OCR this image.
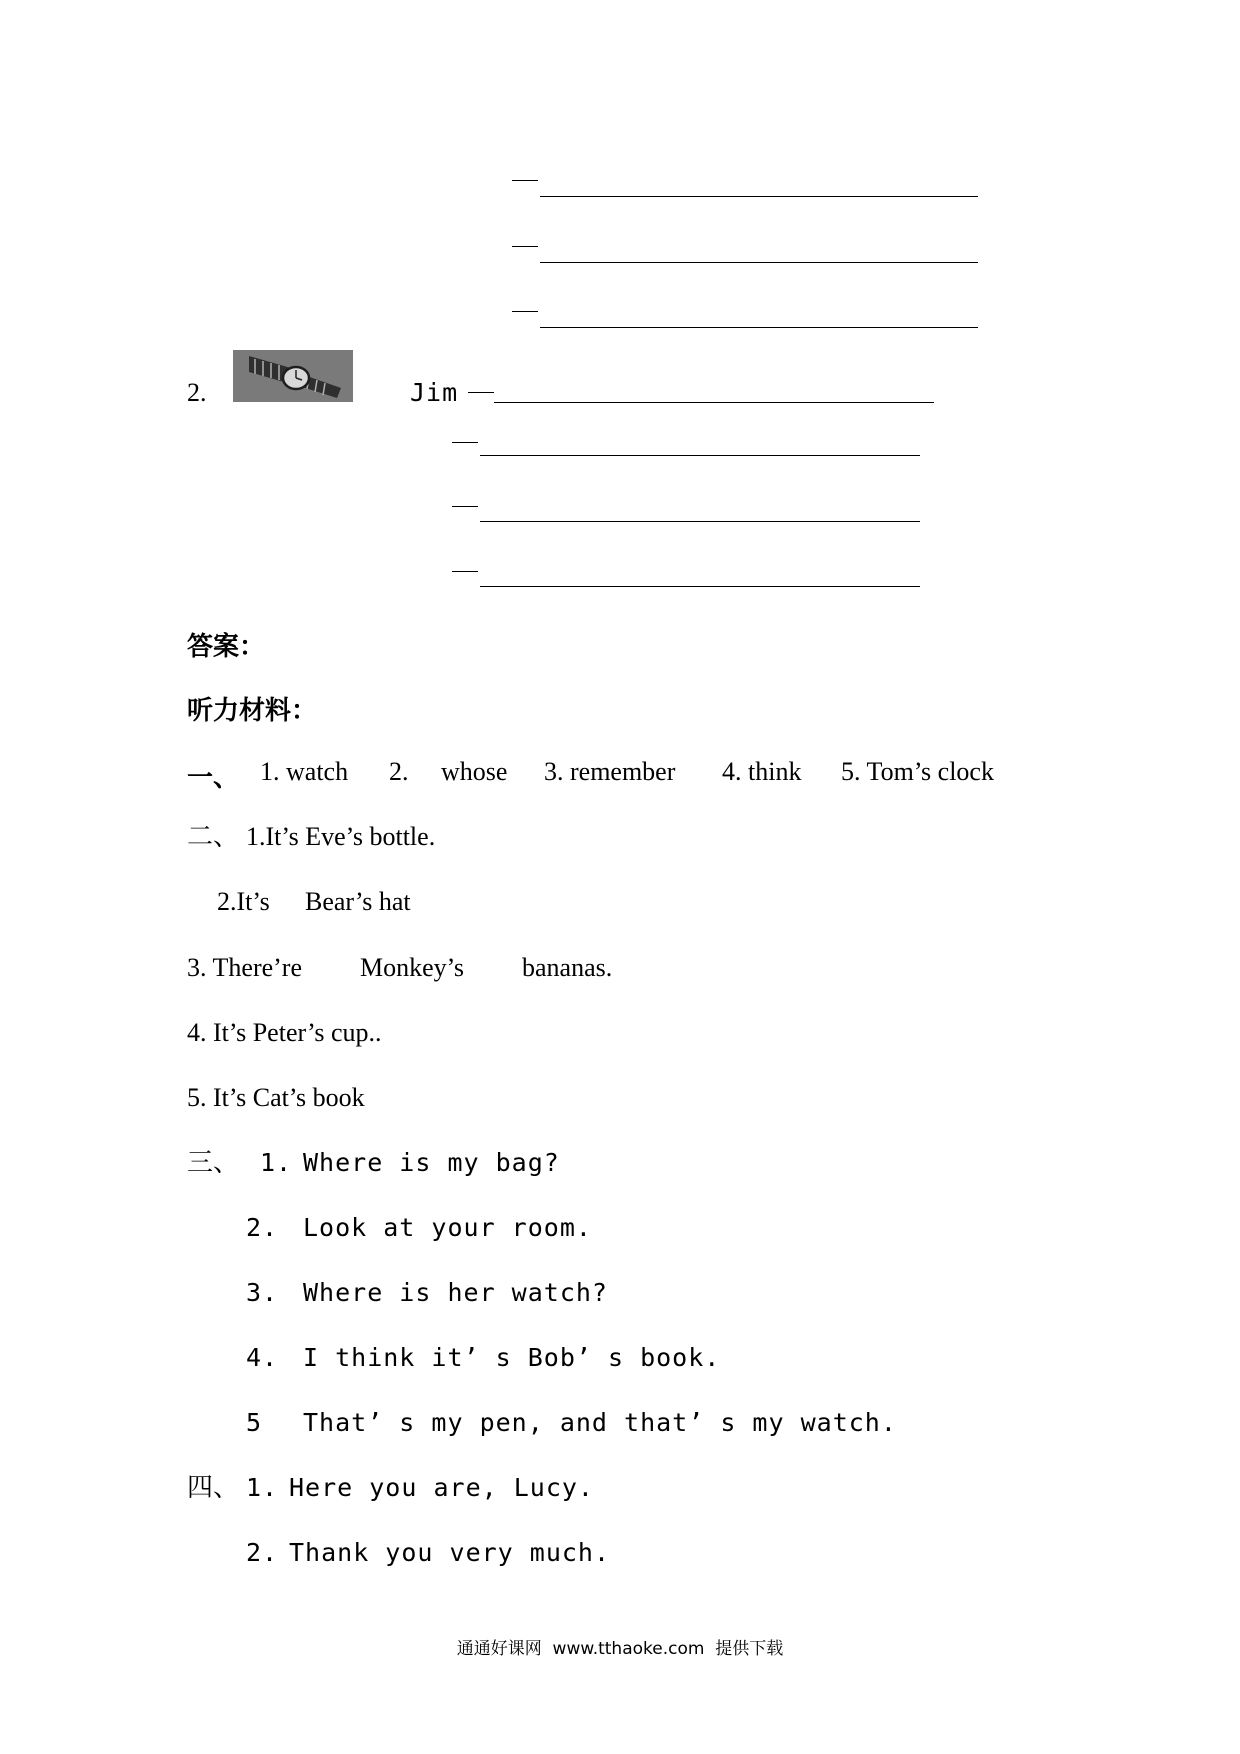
2.	Jim
答案：
听力材料：
一、 1. watch 2. whose 3. remember 4. think 5. Tom’s clock
二、 1.It’s Eve’s bottle.
2.It’s Bear’s hat
3. There’re Monkey’s bananas.
4. It’s Peter’s cup..
5. It’s Cat’s book
三、 1. Where is my bag?
2. Look at your room.
3. Where is her watch?
4. I think it’ s Bob’ s book.
5 That’ s my pen, and that’ s my watch.
四、 1. Here you are, Lucy.
2. Thank you very much.
通通好课网  www.tthaoke.com  提供下载
